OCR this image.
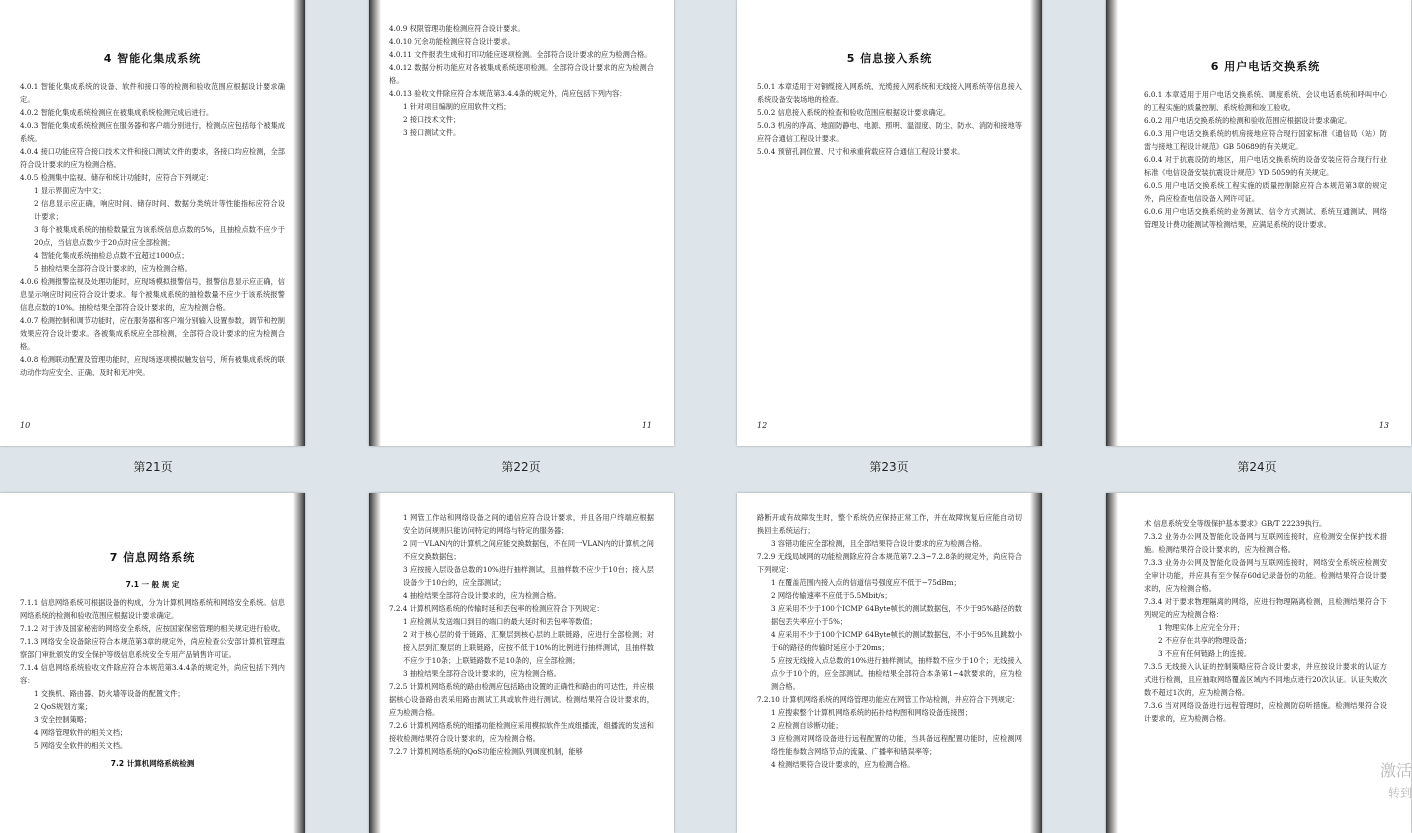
4 智能化集成系统

4.0.1 智能化集成系统的设备、软件和接口等的检测和验收范围应根据设计要求确定。

4.0.2 智能化集成系统检测应在被集成系统检测完成后进行。

4.0.3 智能化集成系统检测应在服务器和客户端分别进行，检测点应包括每个被集成系统。

4.0.4 接口功能应符合接口技术文件和接口测试文件的要求，各接口均应检测，全部符合设计要求的应为检测合格。

4.0.5 检测集中监视、储存和统计功能时，应符合下列规定：

1 显示界面应为中文；

2 信息显示应正确，响应时间、储存时间、数据分类统计等性能指标应符合设计要求；

3 每个被集成系统的抽检数量宜为该系统信息点数的5%，且抽检点数不应少于20点，当信息点数少于20点时应全部检测；

4 智能化集成系统抽检总点数不宜超过1000点；

5 抽检结果全部符合设计要求的，应为检测合格。

4.0.6 检测报警监视及处理功能时，应现场模拟报警信号，报警信息显示应正确，信息显示响应时间应符合设计要求。每个被集成系统的抽检数量不应少于该系统报警信息点数的10%。抽检结果全部符合设计要求的，应为检测合格。

4.0.7 检测控制和调节功能时，应在服务器和客户端分别输入设置参数，调节和控制效果应符合设计要求。各被集成系统应全部检测，全部符合设计要求的应为检测合格。

4.0.8 检测联动配置及管理功能时，应现场逐项模拟触发信号，所有被集成系统的联动动作均应安全、正确、及时和无冲突。

10

4.0.9 权限管理功能检测应符合设计要求。

4.0.10 冗余功能检测应符合设计要求。

4.0.11 文件报表生成和打印功能应逐项检测。全部符合设计要求的应为检测合格。

4.0.12 数据分析功能应对各被集成系统逐项检测。全部符合设计要求的应为检测合格。

4.0.13 验收文件除应符合本规范第3.4.4条的规定外，尚应包括下列内容：

1 针对项目编制的应用软件文档；

2 接口技术文件；

3 接口测试文件。

11
5 信息接入系统

5.0.1 本章适用于对铜缆接入网系统、光缆接入网系统和无线接入网系统等信息接入系统设备安装场地的检查。

5.0.2 信息接入系统的检查和验收范围应根据设计要求确定。

5.0.3 机房的净高、地面防静电、电源、照明、温湿度、防尘、防水、消防和接地等应符合通信工程设计要求。

5.0.4 预留孔洞位置、尺寸和承重荷载应符合通信工程设计要求。

12
6 用户电话交换系统

6.0.1 本章适用于用户电话交换系统、调度系统、会议电话系统和呼叫中心的工程实施的质量控制、系统检测和竣工验收。

6.0.2 用户电话交换系统的检测和验收范围应根据设计要求确定。

6.0.3 用户电话交换系统的机房接地应符合现行国家标准《通信局（站）防雷与接地工程设计规范》GB 50689的有关规定。

6.0.4 对于抗震设防的地区，用户电话交换系统的设备安装应符合现行行业标准《电信设备安装抗震设计规范》YD 5059的有关规定。

6.0.5 用户电话交换系统工程实施的质量控制除应符合本规范第3章的规定外，尚应检查电信设备入网许可证。

6.0.6 用户电话交换系统的业务测试、信令方式测试、系统互通测试、网络管理及计费功能测试等检测结果，应满足系统的设计要求。

13
第21页	第22页	第23页	第24页
7 信息网络系统
7.1 一 般 规 定

7.1.1 信息网络系统可根据设备的构成，分为计算机网络系统和网络安全系统。信息网络系统的检测和验收范围应根据设计要求确定。

7.1.2 对于涉及国家秘密的网络安全系统，应按国家保密管理的相关规定进行验收。

7.1.3 网络安全设备除应符合本规范第3章的规定外，尚应检查公安部计算机管理监察部门审批颁发的安全保护等级信息系统安全专用产品销售许可证。

7.1.4 信息网络系统验收文件除应符合本规范第3.4.4条的规定外，尚应包括下列内容：

1 交换机、路由器、防火墙等设备的配置文件；

2 QoS规划方案；

3 安全控制策略；

4 网络管理软件的相关文档；

5 网络安全软件的相关文档。

7.2 计算机网络系统检测

1 网管工作站和网络设备之间的通信应符合设计要求，并且各用户终端应根据安全访问规则只能访问特定的网络与特定的服务器；

2 同一VLAN内的计算机之间应能交换数据包，不在同一VLAN内的计算机之间不应交换数据包；

3 应按接入层设备总数的10%进行抽样测试，且抽样数不应少于10台；接入层设备少于10台的，应全部测试；

4 抽检结果全部符合设计要求的，应为检测合格。

7.2.4 计算机网络系统的传输时延和丢包率的检测应符合下列规定：

1 应检测从发送端口到目的端口的最大延时和丢包率等数值；

2 对于核心层的骨干链路、汇聚层到核心层的上联链路，应进行全部检测；对接入层到汇聚层的上联链路，应按不低于10%的比例进行抽样测试，且抽样数不应少于10条；上联链路数不足10条的，应全部检测；

3 抽检结果全部符合设计要求的，应为检测合格。

7.2.5 计算机网络系统的路由检测应包括路由设置的正确性和路由的可达性，并应根据核心设备路由表采用路由测试工具或软件进行测试。检测结果符合设计要求的，应为检测合格。

7.2.6 计算机网络系统的组播功能检测应采用模拟软件生成组播流，组播流的发送和接收检测结果符合设计要求的，应为检测合格。

7.2.7 计算机网络系统的QoS功能应检测队列调度机制，能够

路断开或有故障发生时，整个系统仍应保持正常工作，并在故障恢复后应能自动切换回主系统运行；

3 容错功能应全部检测，且全部结果符合设计要求的应为检测合格。

7.2.9 无线局域网的功能检测除应符合本规范第7.2.3~7.2.8条的规定外，尚应符合下列规定：

1 在覆盖范围内接入点的信道信号强度应不低于−75dBm；

2 网络传输速率不应低于5.5Mbit/s；

3 应采用不少于100个ICMP 64Byte帧长的测试数据包，不少于95%路径的数据包丢失率应小于5%；

4 应采用不少于100个ICMP 64Byte帧长的测试数据包，不小于95%且跳数小于6的路径的传输时延应小于20ms；

5 应按无线接入点总数的10%进行抽样测试，抽样数不应少于10个；无线接入点少于10个的，应全部测试。抽检结果全部符合本条第1~4款要求的，应为检测合格。

7.2.10 计算机网络系统的网络管理功能应在网管工作站检测，并应符合下列规定：

1 应搜索整个计算机网络系统的拓扑结构图和网络设备连接图；

2 应检测自诊断功能；

3 应检测对网络设备进行远程配置的功能，当具备远程配置功能时，应检测网络性能参数含网络节点的流量、广播率和错误率等；

4 检测结果符合设计要求的，应为检测合格。

术 信息系统安全等级保护基本要求》GB/T 22239执行。

7.3.2 业务办公网及智能化设备网与互联网连接时，应检测安全保护技术措施。检测结果符合设计要求的，应为检测合格。

7.3.3 业务办公网及智能化设备网与互联网连接时，网络安全系统应检测安全审计功能，并应具有至少保存60d记录备份的功能。检测结果符合设计要求的，应为检测合格。

7.3.4 对于要求物理隔离的网络，应进行物理隔离检测，且检测结果符合下列规定的应为检测合格：

1 物理实体上应完全分开；

2 不应存在共享的物理设备；

3 不应有任何链路上的连接。

7.3.5 无线接入认证的控制策略应符合设计要求，并应按设计要求的认证方式进行检测，且应抽取网络覆盖区域内不同地点进行20次认证。认证失败次数不超过1次的，应为检测合格。

7.3.6 当对网络设备进行远程管理时，应检测防窃听措施。检测结果符合设计要求的，应为检测合格。

激活
转到
